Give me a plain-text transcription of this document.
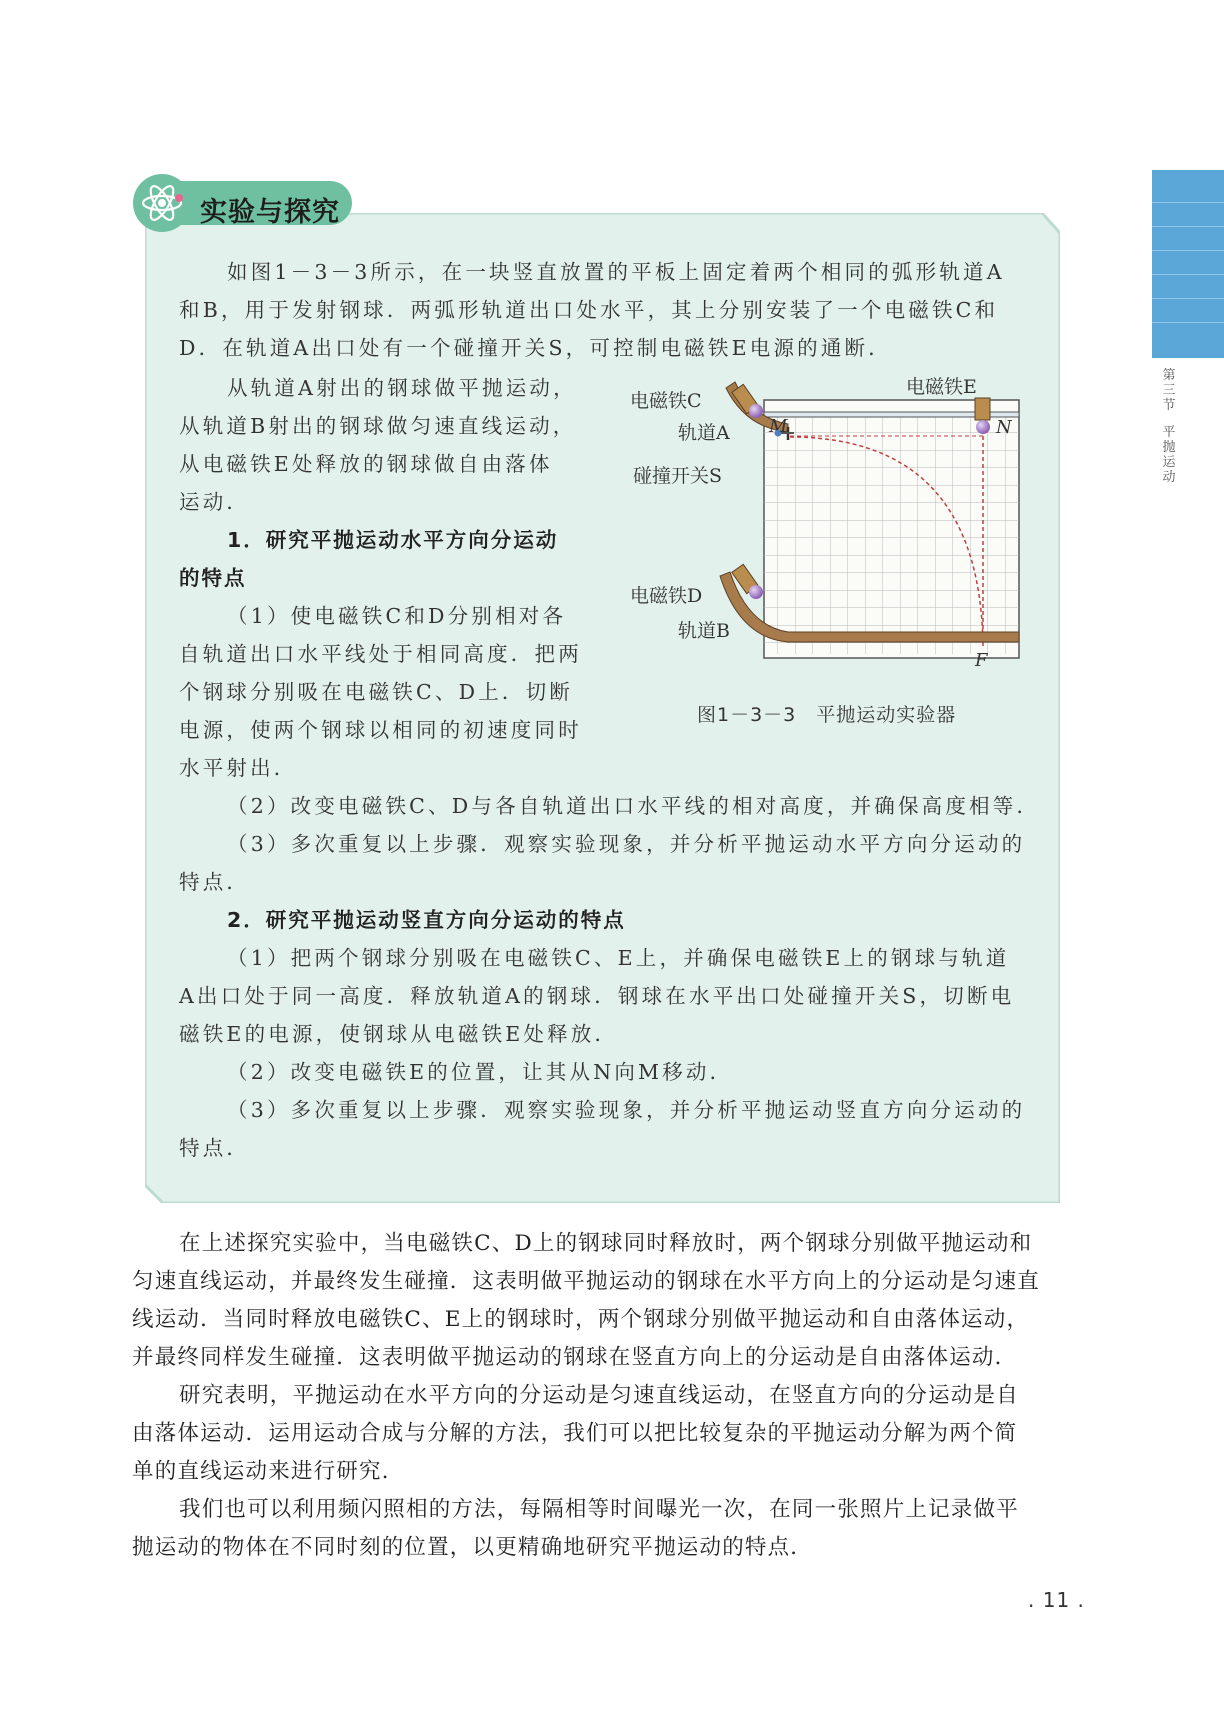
第三节
平抛运动
实验与探究
电磁铁C
轨道A
碰撞开关S
电磁铁E
M	N
电磁铁D
轨道B
F
图1－3－3　平抛运动实验器
如图1－3－3所示，在一块竖直放置的平板上固定着两个相同的弧形轨道A
和B，用于发射钢球．两弧形轨道出口处水平，其上分别安装了一个电磁铁C和
D．在轨道A出口处有一个碰撞开关S，可控制电磁铁E电源的通断．
从轨道A射出的钢球做平抛运动，
从轨道B射出的钢球做匀速直线运动，
从电磁铁E处释放的钢球做自由落体
运动．
1．研究平抛运动水平方向分运动
的特点
（1）使电磁铁C和D分别相对各
自轨道出口水平线处于相同高度．把两
个钢球分别吸在电磁铁C、D上．切断
电源，使两个钢球以相同的初速度同时
水平射出．
（2）改变电磁铁C、D与各自轨道出口水平线的相对高度，并确保高度相等．
（3）多次重复以上步骤．观察实验现象，并分析平抛运动水平方向分运动的
特点．
2．研究平抛运动竖直方向分运动的特点
（1）把两个钢球分别吸在电磁铁C、E上，并确保电磁铁E上的钢球与轨道
A出口处于同一高度．释放轨道A的钢球．钢球在水平出口处碰撞开关S，切断电
磁铁E的电源，使钢球从电磁铁E处释放．
（2）改变电磁铁E的位置，让其从N向M移动．
（3）多次重复以上步骤．观察实验现象，并分析平抛运动竖直方向分运动的
特点．
在上述探究实验中，当电磁铁C、D上的钢球同时释放时，两个钢球分别做平抛运动和
匀速直线运动，并最终发生碰撞．这表明做平抛运动的钢球在水平方向上的分运动是匀速直
线运动．当同时释放电磁铁C、E上的钢球时，两个钢球分别做平抛运动和自由落体运动，
并最终同样发生碰撞．这表明做平抛运动的钢球在竖直方向上的分运动是自由落体运动．
研究表明，平抛运动在水平方向的分运动是匀速直线运动，在竖直方向的分运动是自
由落体运动．运用运动合成与分解的方法，我们可以把比较复杂的平抛运动分解为两个简
单的直线运动来进行研究．
我们也可以利用频闪照相的方法，每隔相等时间曝光一次，在同一张照片上记录做平
抛运动的物体在不同时刻的位置，以更精确地研究平抛运动的特点．
. 11 .
